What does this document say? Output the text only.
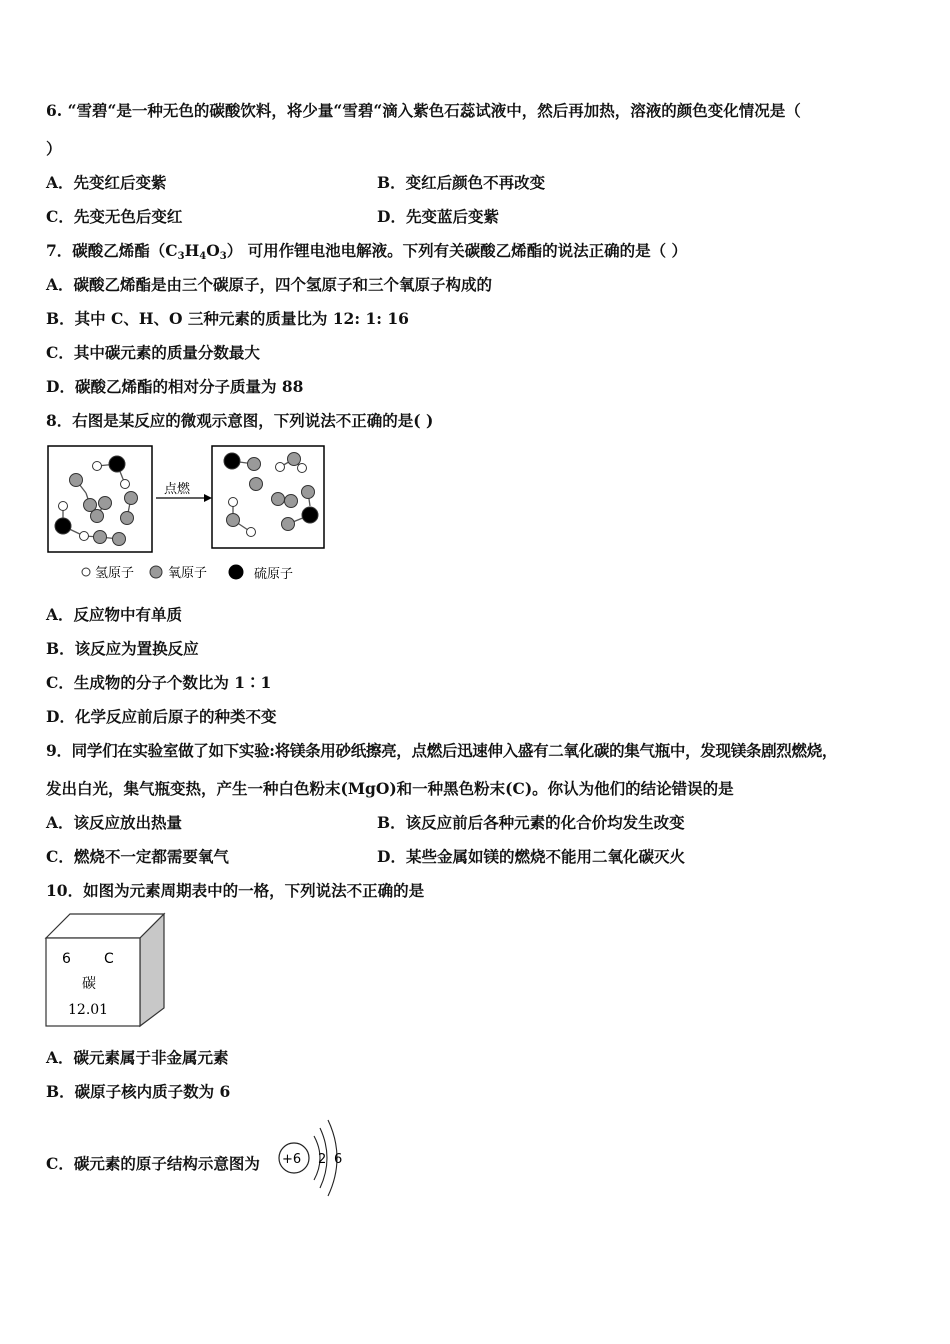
6. “雪碧“是一种无色的碳酸饮料，将少量“雪碧“滴入紫色石蕊试液中，然后再加热，溶液的颜色变化情况是（
）
A．先变红后变紫	B．变红后颜色不再改变
C．先变无色后变红	D．先变蓝后变紫
7．碳酸乙烯酯$(C_3H_4O_3)$ 可用作锂电池电解液。下列有关碳酸乙烯酯的说法正确的是（ ）
A．碳酸乙烯酯是由三个碳原子，四个氢原子和三个氧原子构成的
B．其中 C、H、O 三种元素的质量比为 12: 1: 16
C．其中碳元素的质量分数最大
D．碳酸乙烯酯的相对分子质量为 88
8．右图是某反应的微观示意图，下列说法不正确的是( )
点燃
氢原子	氧原子	硫原子
A．反应物中有单质
B．该反应为置换反应
C．生成物的分子个数比为 1∶1
D．化学反应前后原子的种类不变
9．同学们在实验室做了如下实验:将镁条用砂纸擦亮，点燃后迅速伸入盛有二氧化碳的集气瓶中，发现镁条剧烈燃烧，
发出白光，集气瓶变热，产生一种白色粉末(MgO)和一种黑色粉末(C)。你认为他们的结论错误的是
A．该反应放出热量	B．该反应前后各种元素的化合价均发生改变
C．燃烧不一定都需要氧气	D．某些金属如镁的燃烧不能用二氧化碳灭火
10．如图为元素周期表中的一格，下列说法不正确的是
6 C
碳
12.01
A．碳元素属于非金属元素
B．碳原子核内质子数为 6
C．碳元素的原子结构示意图为 +6 2 6
